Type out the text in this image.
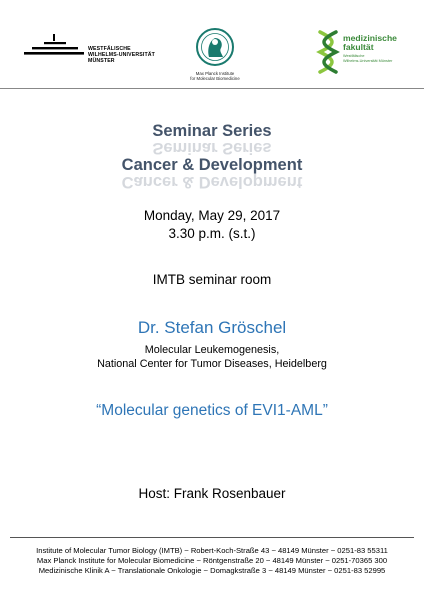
WESTFÄLISCHE
WILHELMS-UNIVERSITÄT
MÜNSTER
Max Planck Institute
for Molecular Biomedicine
medizinische
fakultät
Westfälische
Wilhelms-Universität Münster
Seminar Series
Seminar Series
Cancer & Development
Cancer & Development
Monday, May 29, 2017
3.30 p.m. (s.t.)
IMTB seminar room
Dr. Stefan Gröschel
Molecular Leukemogenesis,
National Center for Tumor Diseases, Heidelberg
“Molecular genetics of EVI1-AML”
Host: Frank Rosenbauer
Institute of Molecular Tumor Biology (IMTB) ~ Robert-Koch-Straße 43 ~ 48149 Münster ~ 0251-83 55311
Max Planck Institute for Molecular Biomedicine ~ Röntgenstraße 20 ~ 48149 Münster ~ 0251-70365 300
Medizinische Klinik A ~ Translationale Onkologie ~ Domagkstraße 3 ~ 48149 Münster ~ 0251-83 52995
